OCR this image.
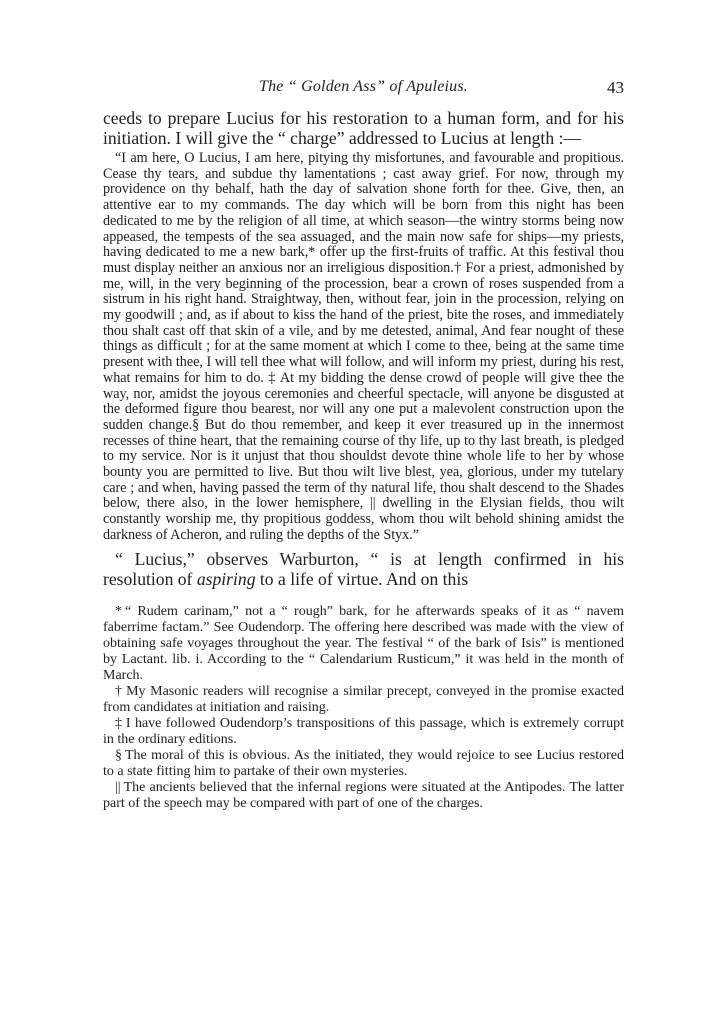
The “ Golden Ass” of Apuleius.	43

ceeds to prepare Lucius for his restoration to a human form, and for his initiation. I will give the “ charge” addressed to Lucius at length :—

“I am here, O Lucius, I am here, pitying thy misfortunes, and favourable and propitious. Cease thy tears, and subdue thy lamentations ; cast away grief. For now, through my providence on thy behalf, hath the day of salvation shone forth for thee. Give, then, an attentive ear to my commands. The day which will be born from this night has been dedicated to me by the religion of all time, at which season—the wintry storms being now appeased, the tempests of the sea assuaged, and the main now safe for ships—my priests, having dedicated to me a new bark,* offer up the first-fruits of traffic. At this festival thou must display neither an anxious nor an irreligious disposition.† For a priest, admonished by me, will, in the very beginning of the procession, bear a crown of roses suspended from a sistrum in his right hand. Straightway, then, without fear, join in the procession, relying on my goodwill ; and, as if about to kiss the hand of the priest, bite the roses, and immediately thou shalt cast off that skin of a vile, and by me detested, animal, And fear nought of these things as difficult ; for at the same moment at which I come to thee, being at the same time present with thee, I will tell thee what will follow, and will inform my priest, during his rest, what remains for him to do. ‡ At my bidding the dense crowd of people will give thee the way, nor, amidst the joyous ceremonies and cheerful spectacle, will anyone be disgusted at the deformed figure thou bearest, nor will any one put a malevolent construction upon the sudden change.§ But do thou remember, and keep it ever treasured up in the innermost recesses of thine heart, that the remaining course of thy life, up to thy last breath, is pledged to my service. Nor is it unjust that thou shouldst devote thine whole life to her by whose bounty you are permitted to live. But thou wilt live blest, yea, glorious, under my tutelary care ; and when, having passed the term of thy natural life, thou shalt descend to the Shades below, there also, in the lower hemisphere, || dwelling in the Elysian fields, thou wilt constantly worship me, thy propitious goddess, whom thou wilt behold shining amidst the darkness of Acheron, and ruling the depths of the Styx.”

“ Lucius,” observes Warburton, “ is at length confirmed in his resolution of aspiring to a life of virtue. And on this

* “ Rudem carinam,” not a “ rough” bark, for he afterwards speaks of it as “ navem faberrime factam.” See Oudendorp. The offering here described was made with the view of obtaining safe voyages throughout the year. The festival “ of the bark of Isis” is mentioned by Lactant. lib. i. According to the “ Calendarium Rusticum,” it was held in the month of March.

† My Masonic readers will recognise a similar precept, conveyed in the promise exacted from candidates at initiation and raising.

‡ I have followed Oudendorp’s transpositions of this passage, which is extremely corrupt in the ordinary editions.

§ The moral of this is obvious. As the initiated, they would rejoice to see Lucius restored to a state fitting him to partake of their own mysteries.

|| The ancients believed that the infernal regions were situated at the Antipodes. The latter part of the speech may be compared with part of one of the charges.
